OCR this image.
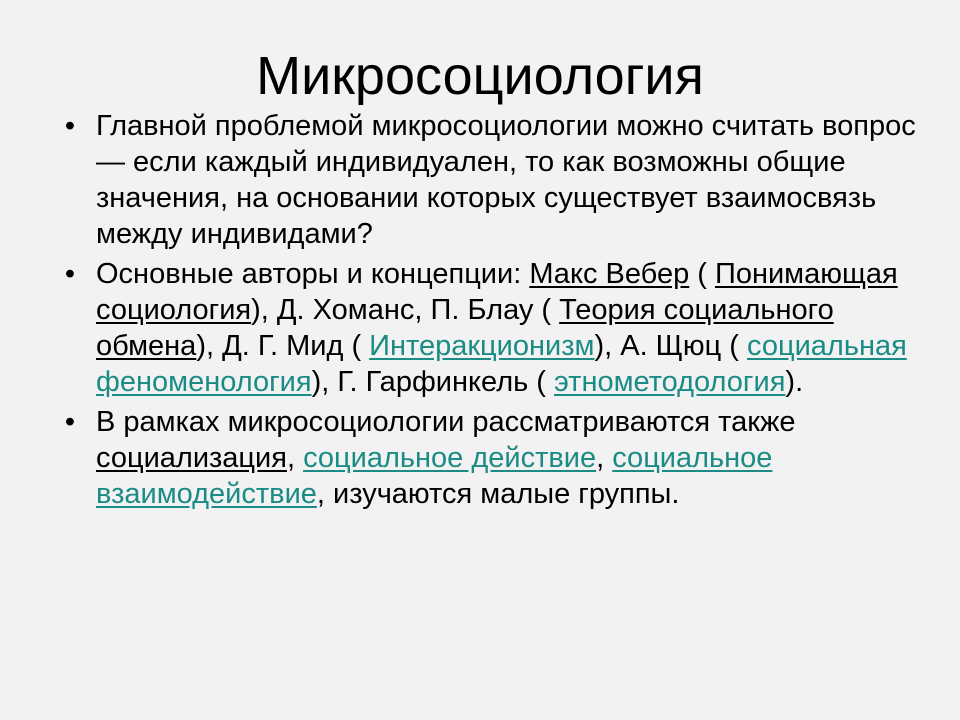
Микросоциология
• Главной проблемой микросоциологии можно считать вопрос — если каждый индивидуален, то как возможны общие значения, на основании которых существует взаимосвязь между индивидами?
• Основные авторы и концепции: Макс Вебер ( Понимающая социология), Д. Хоманс, П. Блау ( Теория социального обмена), Д. Г. Мид ( Интеракционизм), А. Щюц ( социальная феноменология), Г. Гарфинкель ( этнометодология).
• В рамках микросоциологии рассматриваются также социализация, социальное действие, социальное взаимодействие, изучаются малые группы.
